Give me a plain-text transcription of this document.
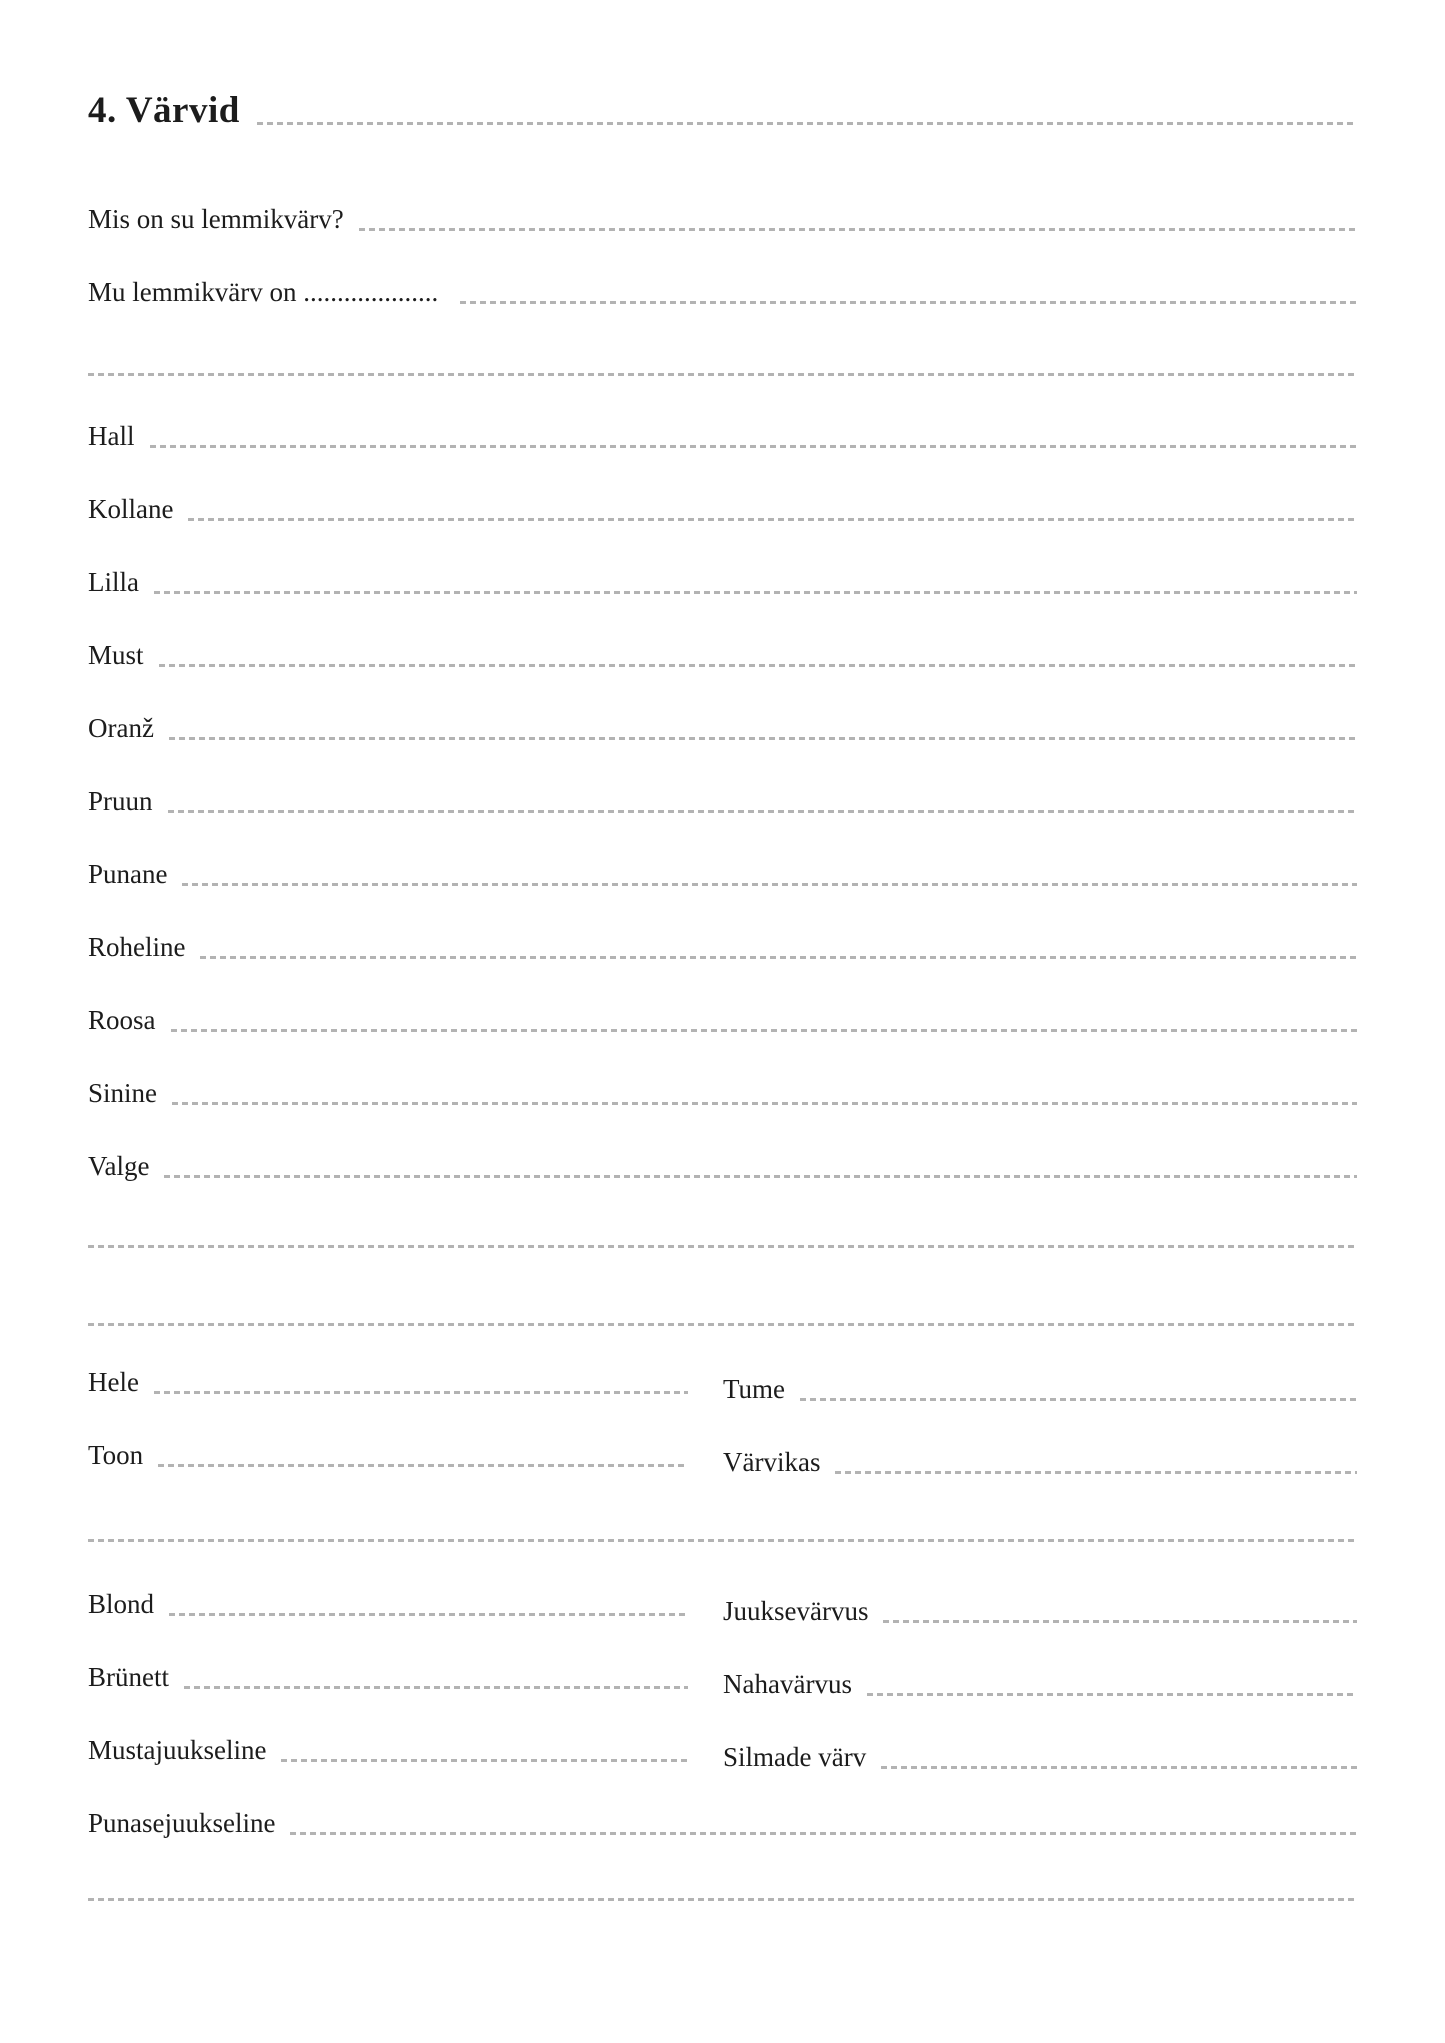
4. Värvid
Mis on su lemmikvärv?
Mu lemmikvärv on ....................
Hall
Kollane
Lilla
Must
Oranž
Pruun
Punane
Roheline
Roosa
Sinine
Valge
Hele
Toon
Tume
Värvikas
Blond
Brünett
Mustajuukseline
Juuksevärvus
Nahavärvus
Silmade värv
Punasejuukseline
